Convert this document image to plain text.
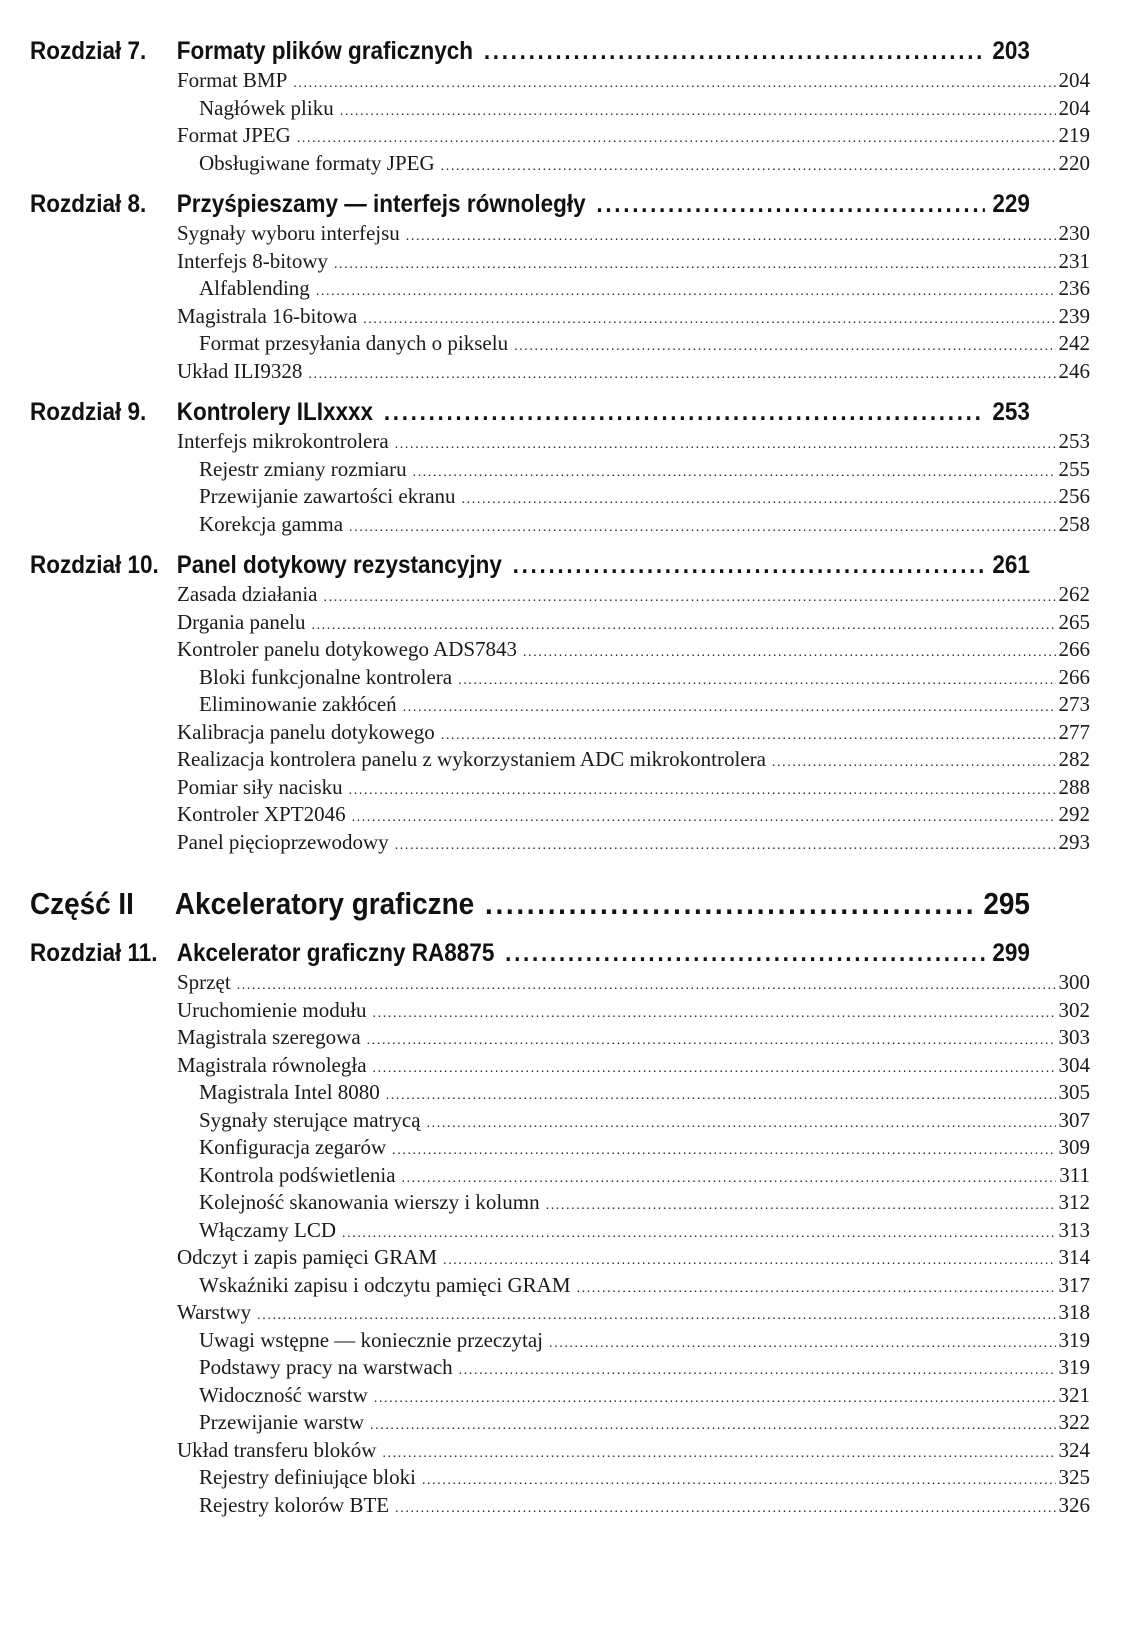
Rozdział 7.	Formaty plików graficznych .....	203
Format BMP .....	204
Nagłówek pliku .....	204
Format JPEG .....	219
Obsługiwane formaty JPEG .....	220
Rozdział 8.	Przyśpieszamy — interfejs równoległy .....	229
Sygnały wyboru interfejsu .....	230
Interfejs 8-bitowy .....	231
Alfablending .....	236
Magistrala 16-bitowa .....	239
Format przesyłania danych o pikselu .....	242
Układ ILI9328 .....	246
Rozdział 9.	Kontrolery ILIxxxx .....	253
Interfejs mikrokontrolera .....	253
Rejestr zmiany rozmiaru .....	255
Przewijanie zawartości ekranu .....	256
Korekcja gamma .....	258
Rozdział 10. Panel dotykowy rezystancyjny .....	261
Zasada działania .....	262
Drgania panelu .....	265
Kontroler panelu dotykowego ADS7843 .....	266
Bloki funkcjonalne kontrolera .....	266
Eliminowanie zakłóceń .....	273
Kalibracja panelu dotykowego .....	277
Realizacja kontrolera panelu z wykorzystaniem ADC mikrokontrolera .....	282
Pomiar siły nacisku .....	288
Kontroler XPT2046 .....	292
Panel pięcioprzewodowy .....	293
Część II	Akceleratory graficzne .....	295
Rozdział 11. Akcelerator graficzny RA8875 .....	299
Sprzęt .....	300
Uruchomienie modułu .....	302
Magistrala szeregowa .....	303
Magistrala równoległa .....	304
Magistrala Intel 8080 .....	305
Sygnały sterujące matrycą .....	307
Konfiguracja zegarów .....	309
Kontrola podświetlenia .....	311
Kolejność skanowania wierszy i kolumn .....	312
Włączamy LCD .....	313
Odczyt i zapis pamięci GRAM .....	314
Wskaźniki zapisu i odczytu pamięci GRAM .....	317
Warstwy .....	318
Uwagi wstępne — koniecznie przeczytaj .....	319
Podstawy pracy na warstwach .....	319
Widoczność warstw .....	321
Przewijanie warstw .....	322
Układ transferu bloków .....	324
Rejestry definiujące bloki .....	325
Rejestry kolorów BTE .....	326
